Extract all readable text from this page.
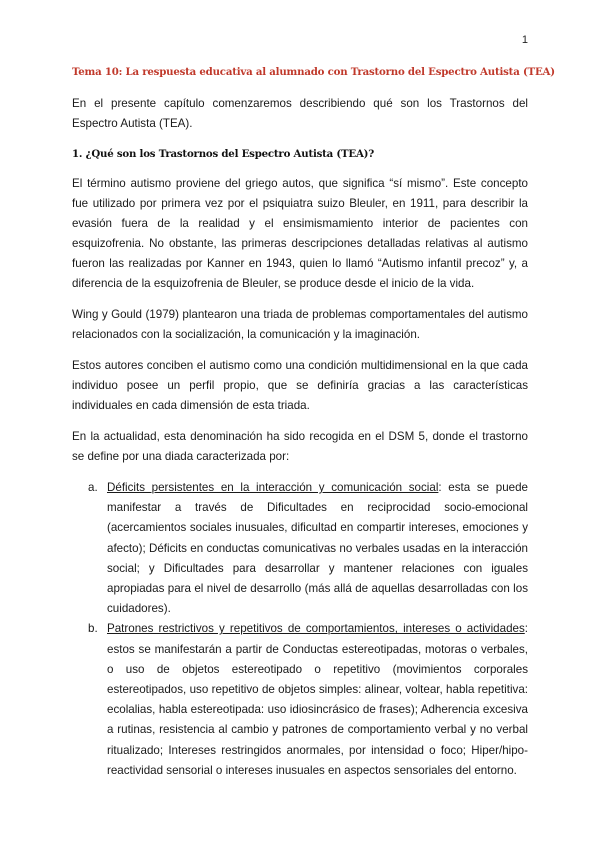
1
Tema 10: La respuesta educativa al alumnado con Trastorno del Espectro Autista (TEA)

En el presente capítulo comenzaremos describiendo qué son los Trastornos del Espectro Autista (TEA).

1. ¿Qué son los Trastornos del Espectro Autista (TEA)?

El término autismo proviene del griego autos, que significa “sí mismo”. Este concepto fue utilizado por primera vez por el psiquiatra suizo Bleuler, en 1911, para describir la evasión fuera de la realidad y el ensimismamiento interior de pacientes con esquizofrenia. No obstante, las primeras descripciones detalladas relativas al autismo fueron las realizadas por Kanner en 1943, quien lo llamó “Autismo infantil precoz” y, a diferencia de la esquizofrenia de Bleuler, se produce desde el inicio de la vida.

Wing y Gould (1979) plantearon una triada de problemas comportamentales del autismo relacionados con la socialización, la comunicación y la imaginación.

Estos autores conciben el autismo como una condición multidimensional en la que cada individuo posee un perfil propio, que se definiría gracias a las características individuales en cada dimensión de esta triada.

En la actualidad, esta denominación ha sido recogida en el DSM 5, donde el trastorno se define por una diada caracterizada por:

a. Déficits persistentes en la interacción y comunicación social: esta se puede manifestar a través de Dificultades en reciprocidad socio-emocional (acercamientos sociales inusuales, dificultad en compartir intereses, emociones y afecto); Déficits en conductas comunicativas no verbales usadas en la interacción social; y Dificultades para desarrollar y mantener relaciones con iguales apropiadas para el nivel de desarrollo (más allá de aquellas desarrolladas con los cuidadores).
b. Patrones restrictivos y repetitivos de comportamientos, intereses o actividades: estos se manifestarán a partir de Conductas estereotipadas, motoras o verbales, o uso de objetos estereotipado o repetitivo (movimientos corporales estereotipados, uso repetitivo de objetos simples: alinear, voltear, habla repetitiva: ecolalias, habla estereotipada: uso idiosincrásico de frases); Adherencia excesiva a rutinas, resistencia al cambio y patrones de comportamiento verbal y no verbal ritualizado; Intereses restringidos anormales, por intensidad o foco; Hiper/hipo-reactividad sensorial o intereses inusuales en aspectos sensoriales del entorno.
